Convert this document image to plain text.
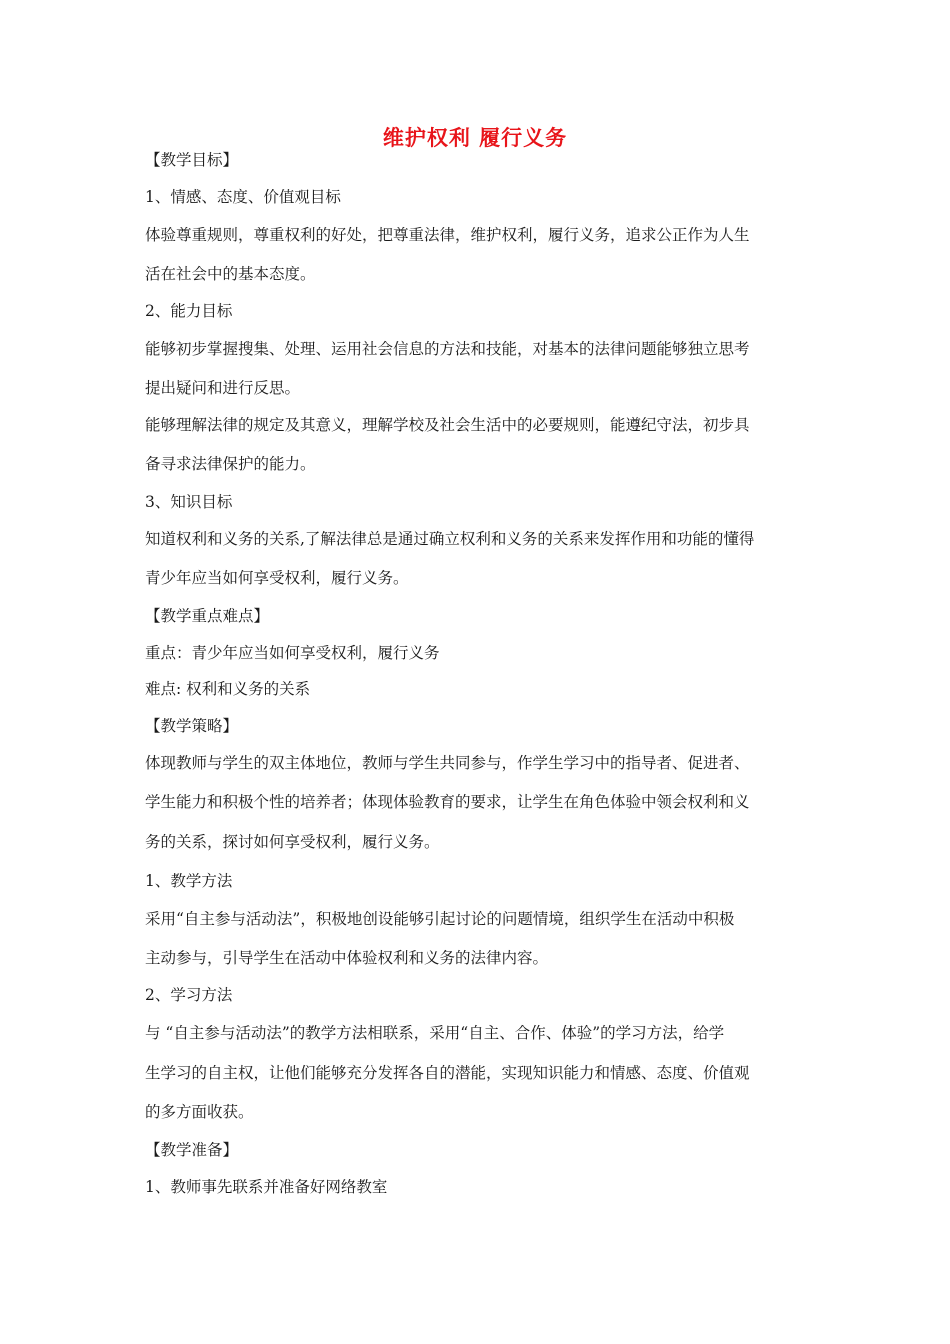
维护权利 履行义务
【教学目标】
1、情感、态度、价值观目标
体验尊重规则，尊重权利的好处，把尊重法律，维护权利，履行义务，追求公正作为人生
活在社会中的基本态度。
2、能力目标
能够初步掌握搜集、处理、运用社会信息的方法和技能，对基本的法律问题能够独立思考
提出疑问和进行反思。
能够理解法律的规定及其意义，理解学校及社会生活中的必要规则，能遵纪守法，初步具
备寻求法律保护的能力。
3、知识目标
知道权利和义务的关系,了解法律总是通过确立权利和义务的关系来发挥作用和功能的懂得
青少年应当如何享受权利，履行义务。
【教学重点难点】
重点：青少年应当如何享受权利，履行义务
难点: 权利和义务的关系
【教学策略】
体现教师与学生的双主体地位，教师与学生共同参与，作学生学习中的指导者、促进者、
学生能力和积极个性的培养者；体现体验教育的要求，让学生在角色体验中领会权利和义
务的关系，探讨如何享受权利，履行义务。
1、教学方法
采用“自主参与活动法”，积极地创设能够引起讨论的问题情境，组织学生在活动中积极
主动参与，引导学生在活动中体验权利和义务的法律内容。
2、学习方法
与 “自主参与活动法”的教学方法相联系，采用“自主、合作、体验”的学习方法，给学
生学习的自主权，让他们能够充分发挥各自的潜能，实现知识能力和情感、态度、价值观
的多方面收获。
【教学准备】
1、教师事先联系并准备好网络教室
